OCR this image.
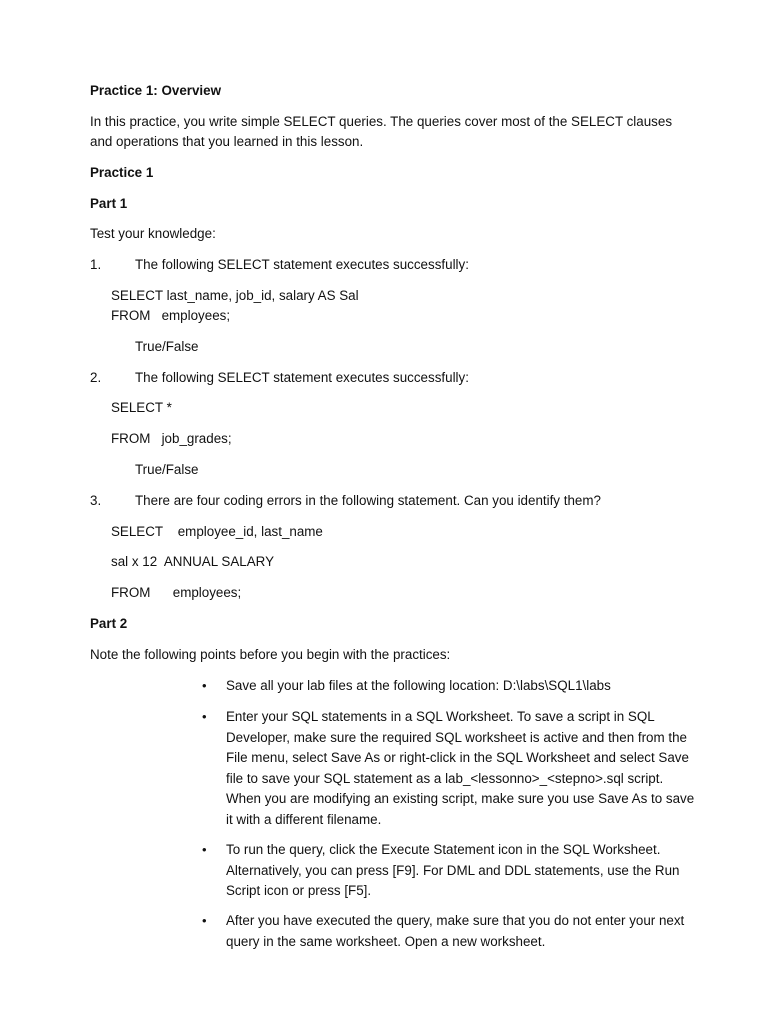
Practice 1: Overview
In this practice, you write simple SELECT queries. The queries cover most of the SELECT clauses
and operations that you learned in this lesson.
Practice 1
Part 1
Test your knowledge:
1.	The following SELECT statement executes successfully:
SELECT last_name, job_id, salary AS Sal
FROM   employees;
True/False
2.	The following SELECT statement executes successfully:
SELECT *
FROM   job_grades;
True/False
3.	There are four coding errors in the following statement. Can you identify them?
SELECT    employee_id, last_name
sal x 12  ANNUAL SALARY
FROM      employees;
Part 2
Note the following points before you begin with the practices:
• Save all your lab files at the following location: D:\labs\SQL1\labs
• Enter your SQL statements in a SQL Worksheet. To save a script in SQL Developer, make sure the required SQL worksheet is active and then from the File menu, select Save As or right-click in the SQL Worksheet and select Save file to save your SQL statement as a lab_<lessonno>_<stepno>.sql script. When you are modifying an existing script, make sure you use Save As to save it with a different filename.
• To run the query, click the Execute Statement icon in the SQL Worksheet. Alternatively, you can press [F9]. For DML and DDL statements, use the Run Script icon or press [F5].
• After you have executed the query, make sure that you do not enter your next query in the same worksheet. Open a new worksheet.
